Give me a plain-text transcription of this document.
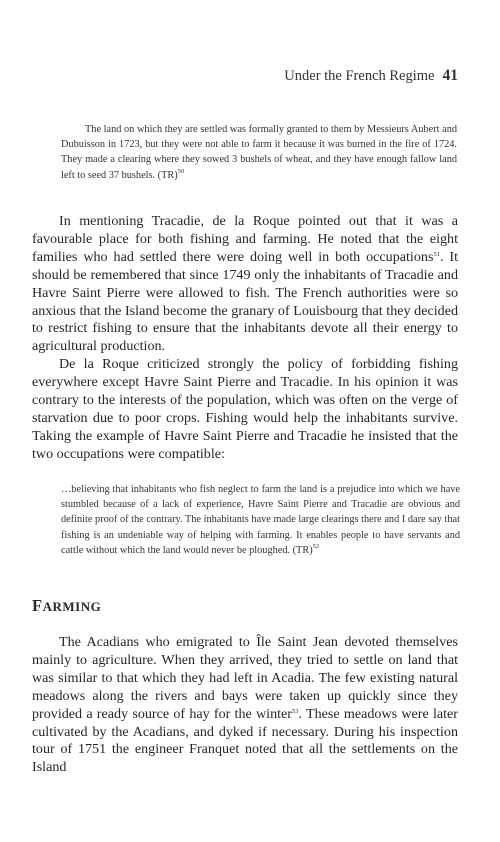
Under the French Regime 41
The land on which they are settled was formally granted to them by Messieurs Aubert and Dubuisson in 1723, but they were not able to farm it because it was burned in the fire of 1724. They made a clearing where they sowed 3 bushels of wheat, and they have enough fallow land left to seed 37 bushels. (TR)$^{50}$

In mentioning Tracadie, de la Roque pointed out that it was a favourable place for both fishing and farming. He noted that the eight families who had settled there were doing well in both occupations$^{51}$. It should be remembered that since 1749 only the inhabitants of Tracadie and Havre Saint Pierre were allowed to fish. The French authorities were so anxious that the Island become the granary of Louisbourg that they decided to restrict fishing to ensure that the inhabitants devote all their energy to agricultural production.

De la Roque criticized strongly the policy of forbidding fishing everywhere except Havre Saint Pierre and Tracadie. In his opinion it was contrary to the interests of the population, which was often on the verge of starvation due to poor crops. Fishing would help the inhabitants survive. Taking the example of Havre Saint Pierre and Tracadie he insisted that the two occupations were compatible:

…believing that inhabitants who fish neglect to farm the land is a prejudice into which we have stumbled because of a lack of experience, Havre Saint Pierre and Tracadie are obvious and definite proof of the contrary. The inhabitants have made large clearings there and I dare say that fishing is an undeniable way of helping with farming. It enables people to have servants and cattle without which the land would never be ploughed. (TR)$^{52}$
FARMING

The Acadians who emigrated to Île Saint Jean devoted themselves mainly to agriculture. When they arrived, they tried to settle on land that was similar to that which they had left in Acadia. The few existing natural meadows along the rivers and bays were taken up quickly since they provided a ready source of hay for the winter$^{53}$. These meadows were later cultivated by the Acadians, and dyked if necessary. During his inspection tour of 1751 the engineer Franquet noted that all the settlements on the Island
